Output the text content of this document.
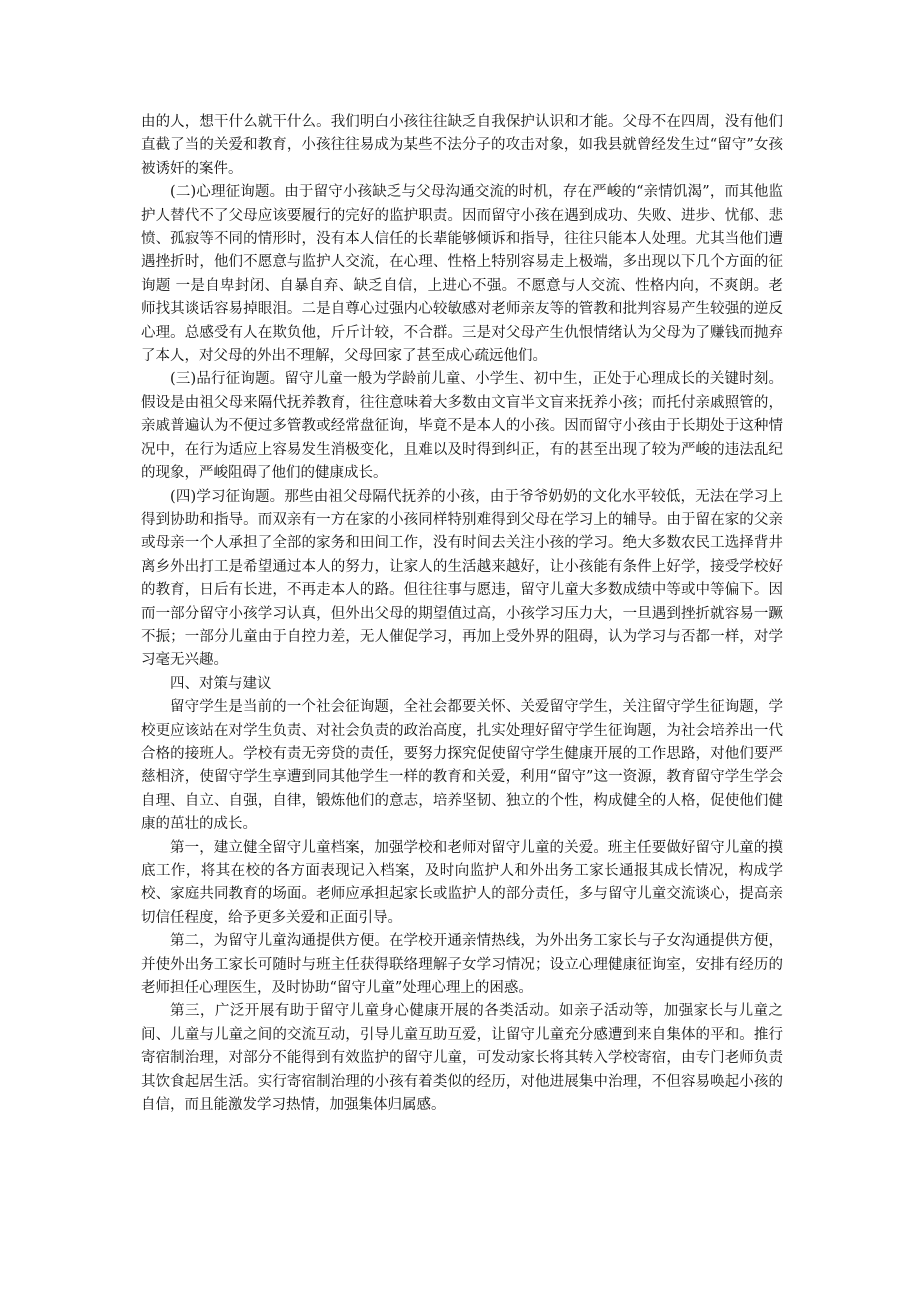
由的人，想干什么就干什么。我们明白小孩往往缺乏自我保护认识和才能。父母不在四周，没有他们直截了当的关爱和教育，小孩往往易成为某些不法分子的攻击对象，如我县就曾经发生过“留守”女孩被诱奸的案件。

(二)心理征询题。由于留守小孩缺乏与父母沟通交流的时机，存在严峻的“亲情饥渴”，而其他监护人替代不了父母应该要履行的完好的监护职责。因而留守小孩在遇到成功、失败、进步、忧郁、悲愤、孤寂等不同的情形时，没有本人信任的长辈能够倾诉和指导，往往只能本人处理。尤其当他们遭遇挫折时，他们不愿意与监护人交流，在心理、性格上特别容易走上极端，多出现以下几个方面的征询题 一是自卑封闭、自暴自弃、缺乏自信，上进心不强。不愿意与人交流、性格内向，不爽朗。老师找其谈话容易掉眼泪。二是自尊心过强内心较敏感对老师亲友等的管教和批判容易产生较强的逆反心理。总感受有人在欺负他，斤斤计较，不合群。三是对父母产生仇恨情绪认为父母为了赚钱而抛弃了本人，对父母的外出不理解，父母回家了甚至成心疏远他们。

(三)品行征询题。留守儿童一般为学龄前儿童、小学生、初中生，正处于心理成长的关键时刻。假设是由祖父母来隔代抚养教育，往往意味着大多数由文盲半文盲来抚养小孩；而托付亲戚照管的，亲戚普遍认为不便过多管教或经常盘征询，毕竟不是本人的小孩。因而留守小孩由于长期处于这种情况中，在行为适应上容易发生消极变化，且难以及时得到纠正，有的甚至出现了较为严峻的违法乱纪的现象，严峻阻碍了他们的健康成长。

(四)学习征询题。那些由祖父母隔代抚养的小孩，由于爷爷奶奶的文化水平较低，无法在学习上得到协助和指导。而双亲有一方在家的小孩同样特别难得到父母在学习上的辅导。由于留在家的父亲或母亲一个人承担了全部的家务和田间工作，没有时间去关注小孩的学习。绝大多数农民工选择背井离乡外出打工是希望通过本人的努力，让家人的生活越来越好，让小孩能有条件上好学，接受学校好的教育，日后有长进，不再走本人的路。但往往事与愿违，留守儿童大多数成绩中等或中等偏下。因而一部分留守小孩学习认真，但外出父母的期望值过高，小孩学习压力大，一旦遇到挫折就容易一蹶不振；一部分儿童由于自控力差，无人催促学习，再加上受外界的阻碍，认为学习与否都一样，对学习毫无兴趣。

四、对策与建议

留守学生是当前的一个社会征询题，全社会都要关怀、关爱留守学生，关注留守学生征询题，学校更应该站在对学生负责、对社会负责的政治高度，扎实处理好留守学生征询题，为社会培养出一代合格的接班人。学校有责无旁贷的责任，要努力探究促使留守学生健康开展的工作思路，对他们要严慈相济，使留守学生享遭到同其他学生一样的教育和关爱，利用“留守”这一资源，教育留守学生学会自理、自立、自强，自律，锻炼他们的意志，培养坚韧、独立的个性，构成健全的人格，促使他们健康的茁壮的成长。

第一，建立健全留守儿童档案，加强学校和老师对留守儿童的关爱。班主任要做好留守儿童的摸底工作，将其在校的各方面表现记入档案，及时向监护人和外出务工家长通报其成长情况，构成学校、家庭共同教育的场面。老师应承担起家长或监护人的部分责任，多与留守儿童交流谈心，提高亲切信任程度，给予更多关爱和正面引导。

第二，为留守儿童沟通提供方便。在学校开通亲情热线，为外出务工家长与子女沟通提供方便，并使外出务工家长可随时与班主任获得联络理解子女学习情况；设立心理健康征询室，安排有经历的老师担任心理医生，及时协助“留守儿童”处理心理上的困惑。

第三，广泛开展有助于留守儿童身心健康开展的各类活动。如亲子活动等，加强家长与儿童之间、儿童与儿童之间的交流互动，引导儿童互助互爱，让留守儿童充分感遭到来自集体的平和。推行寄宿制治理，对部分不能得到有效监护的留守儿童，可发动家长将其转入学校寄宿，由专门老师负责其饮食起居生活。实行寄宿制治理的小孩有着类似的经历，对他进展集中治理，不但容易唤起小孩的自信，而且能激发学习热情，加强集体归属感。
